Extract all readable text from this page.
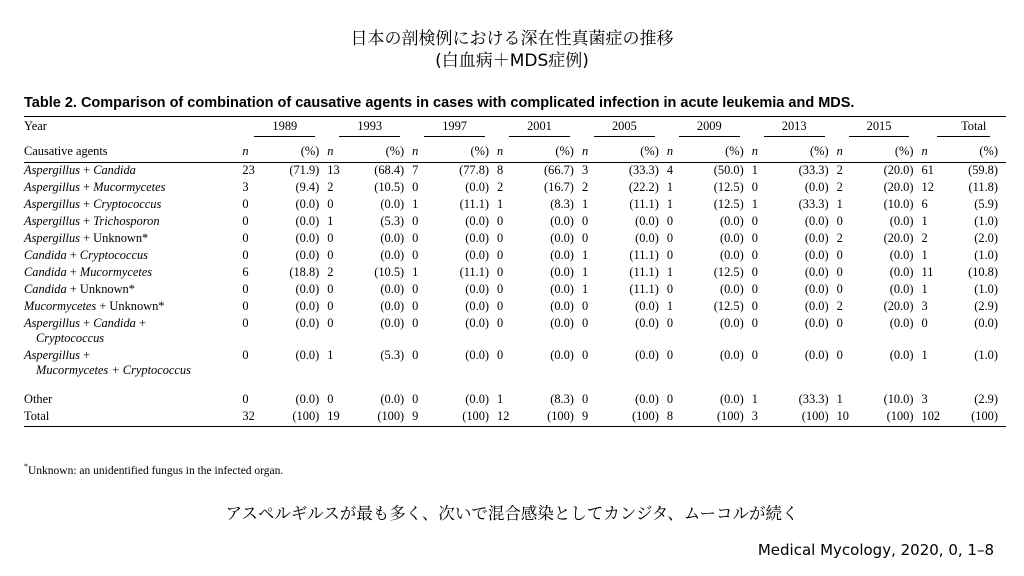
日本の剖検例における深在性真菌症の推移
(白血病＋MDS症例)
Table 2. Comparison of combination of causative agents in cases with complicated infection in acute leukemia and MDS.
Year	1989		1993		1997		2001		2005		2009		2013		2015		Total	
Causative agents	n	(%)	n	(%)	n	(%)	n	(%)	n	(%)	n	(%)	n	(%)	n	(%)	n	(%)
Aspergillus + Candida	23	(71.9)	13	(68.4)	7	(77.8)	8	(66.7)	3	(33.3)	4	(50.0)	1	(33.3)	2	(20.0)	61	(59.8)
Aspergillus + Mucormycetes	3	(9.4)	2	(10.5)	0	(0.0)	2	(16.7)	2	(22.2)	1	(12.5)	0	(0.0)	2	(20.0)	12	(11.8)
Aspergillus + Cryptococcus	0	(0.0)	0	(0.0)	1	(11.1)	1	(8.3)	1	(11.1)	1	(12.5)	1	(33.3)	1	(10.0)	6	(5.9)
Aspergillus + Trichosporon	0	(0.0)	1	(5.3)	0	(0.0)	0	(0.0)	0	(0.0)	0	(0.0)	0	(0.0)	0	(0.0)	1	(1.0)
Aspergillus + Unknown*	0	(0.0)	0	(0.0)	0	(0.0)	0	(0.0)	0	(0.0)	0	(0.0)	0	(0.0)	2	(20.0)	2	(2.0)
Candida + Cryptococcus	0	(0.0)	0	(0.0)	0	(0.0)	0	(0.0)	1	(11.1)	0	(0.0)	0	(0.0)	0	(0.0)	1	(1.0)
Candida + Mucormycetes	6	(18.8)	2	(10.5)	1	(11.1)	0	(0.0)	1	(11.1)	1	(12.5)	0	(0.0)	0	(0.0)	11	(10.8)
Candida + Unknown*	0	(0.0)	0	(0.0)	0	(0.0)	0	(0.0)	1	(11.1)	0	(0.0)	0	(0.0)	0	(0.0)	1	(1.0)
Mucormycetes + Unknown*	0	(0.0)	0	(0.0)	0	(0.0)	0	(0.0)	0	(0.0)	1	(12.5)	0	(0.0)	2	(20.0)	3	(2.9)
Aspergillus + Candida +
Cryptococcus	0	(0.0)	0	(0.0)	0	(0.0)	0	(0.0)	0	(0.0)	0	(0.0)	0	(0.0)	0	(0.0)	0	(0.0)
Aspergillus +
Mucormycetes + Cryptococcus	0	(0.0)	1	(5.3)	0	(0.0)	0	(0.0)	0	(0.0)	0	(0.0)	0	(0.0)	0	(0.0)	1	(1.0)
Other	0	(0.0)	0	(0.0)	0	(0.0)	1	(8.3)	0	(0.0)	0	(0.0)	1	(33.3)	1	(10.0)	3	(2.9)
Total	32	(100)	19	(100)	9	(100)	12	(100)	9	(100)	8	(100)	3	(100)	10	(100)	102	(100)
*Unknown: an unidentified fungus in the infected organ.
アスペルギルスが最も多く、次いで混合感染としてカンジタ、ムーコルが続く
Medical Mycology, 2020, 0, 1–8
